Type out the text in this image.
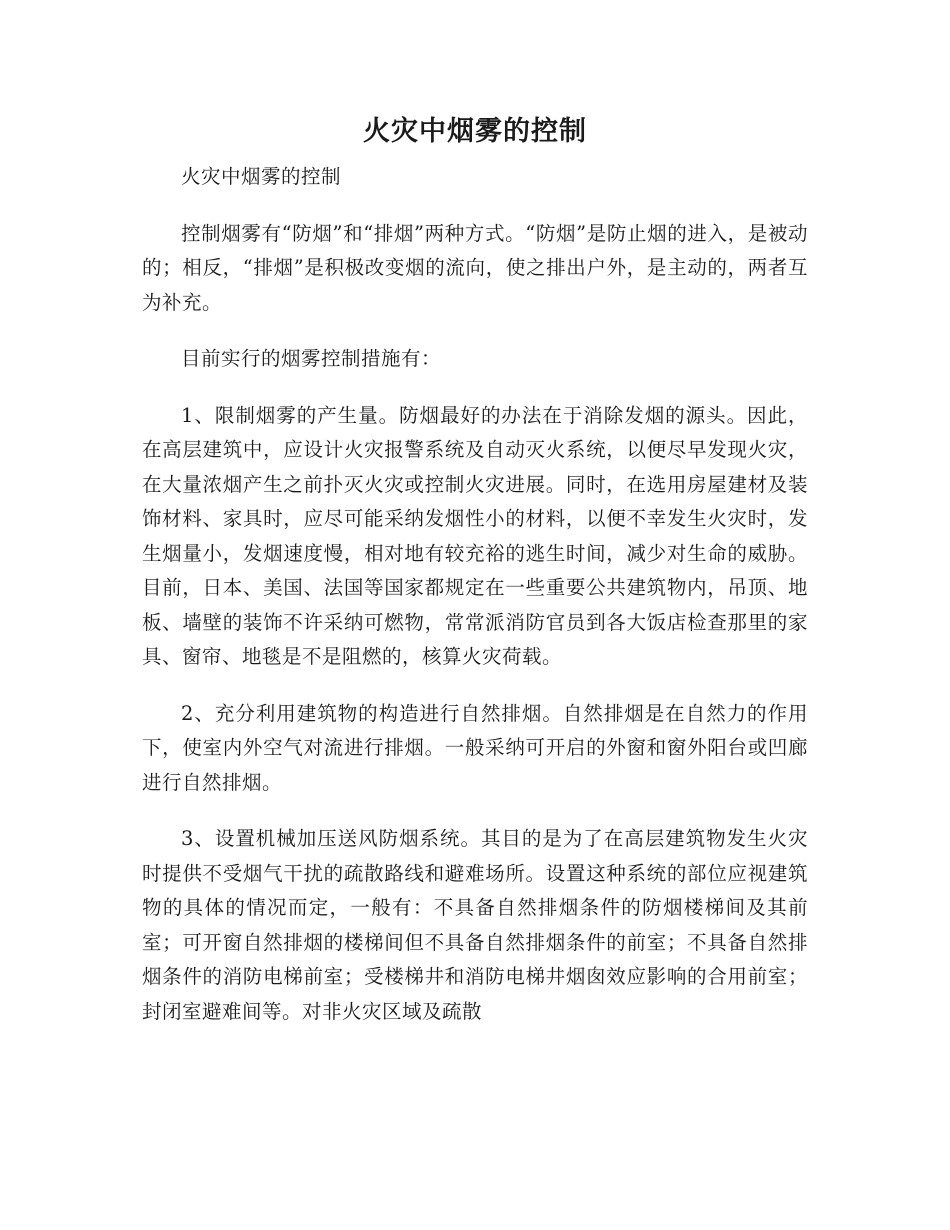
火灾中烟雾的控制

火灾中烟雾的控制

控制烟雾有“防烟”和“排烟”两种方式。“防烟”是防止烟的进入，是被动的；相反，“排烟”是积极改变烟的流向，使之排出户外，是主动的，两者互为补充。

目前实行的烟雾控制措施有：

1、限制烟雾的产生量。防烟最好的办法在于消除发烟的源头。因此，在高层建筑中，应设计火灾报警系统及自动灭火系统，以便尽早发现火灾，在大量浓烟产生之前扑灭火灾或控制火灾进展。同时，在选用房屋建材及装饰材料、家具时，应尽可能采纳发烟性小的材料，以便不幸发生火灾时，发生烟量小，发烟速度慢，相对地有较充裕的逃生时间，减少对生命的威胁。目前，日本、美国、法国等国家都规定在一些重要公共建筑物内，吊顶、地板、墙壁的装饰不许采纳可燃物，常常派消防官员到各大饭店检查那里的家具、窗帘、地毯是不是阻燃的，核算火灾荷载。

2、充分利用建筑物的构造进行自然排烟。自然排烟是在自然力的作用下，使室内外空气对流进行排烟。一般采纳可开启的外窗和窗外阳台或凹廊进行自然排烟。

3、设置机械加压送风防烟系统。其目的是为了在高层建筑物发生火灾时提供不受烟气干扰的疏散路线和避难场所。设置这种系统的部位应视建筑物的具体的情况而定，一般有：不具备自然排烟条件的防烟楼梯间及其前室；可开窗自然排烟的楼梯间但不具备自然排烟条件的前室；不具备自然排烟条件的消防电梯前室；受楼梯井和消防电梯井烟囱效应影响的合用前室；封闭室避难间等。对非火灾区域及疏散
